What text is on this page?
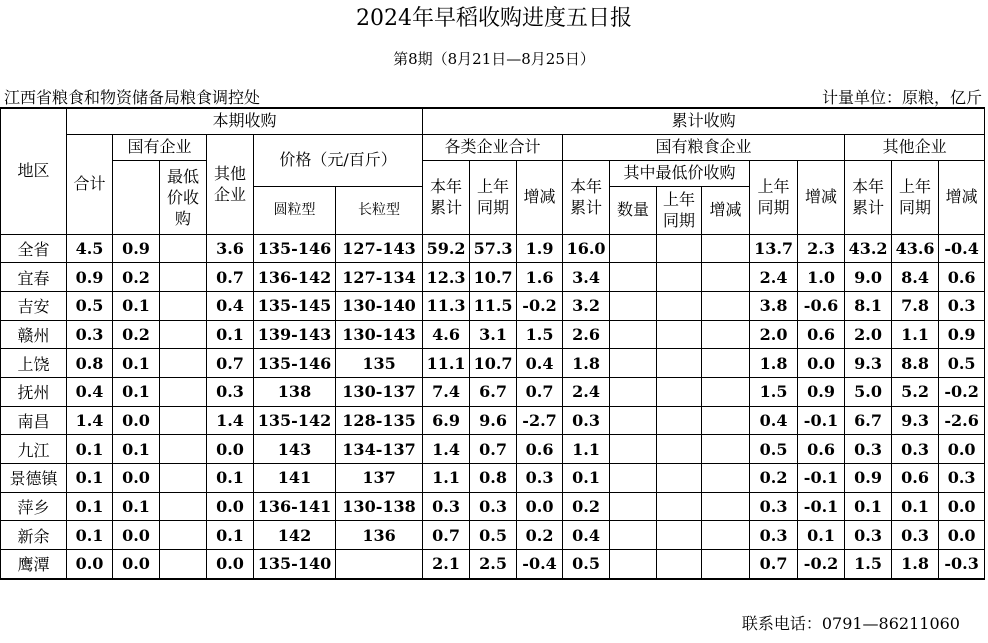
2024年早稻收购进度五日报
第8期（8月21日—8月25日）
江西省粮食和物资储备局粮食调控处	计量单位：原粮，亿斤
地区	本期收购						累计收购											
	合计	国有企业		其他企业	价格（元/百斤）		各类企业合计			国有粮食企业						其他企业		
			最低价收购				本年累计	上年同期	增减	本年累计	其中最低价收购			上年同期	增减	本年累计	上年同期	增减
					圆粒型	长粒型					数量	上年同期	增减					
全省	4.5	0.9		3.6	135-146	127-143	59.2	57.3	1.9	16.0				13.7	2.3	43.2	43.6	-0.4
宜春	0.9	0.2		0.7	136-142	127-134	12.3	10.7	1.6	3.4				2.4	1.0	9.0	8.4	0.6
吉安	0.5	0.1		0.4	135-145	130-140	11.3	11.5	-0.2	3.2				3.8	-0.6	8.1	7.8	0.3
赣州	0.3	0.2		0.1	139-143	130-143	4.6	3.1	1.5	2.6				2.0	0.6	2.0	1.1	0.9
上饶	0.8	0.1		0.7	135-146	135	11.1	10.7	0.4	1.8				1.8	0.0	9.3	8.8	0.5
抚州	0.4	0.1		0.3	138	130-137	7.4	6.7	0.7	2.4				1.5	0.9	5.0	5.2	-0.2
南昌	1.4	0.0		1.4	135-142	128-135	6.9	9.6	-2.7	0.3				0.4	-0.1	6.7	9.3	-2.6
九江	0.1	0.1		0.0	143	134-137	1.4	0.7	0.6	1.1				0.5	0.6	0.3	0.3	0.0
景德镇	0.1	0.0		0.1	141	137	1.1	0.8	0.3	0.1				0.2	-0.1	0.9	0.6	0.3
萍乡	0.1	0.1		0.0	136-141	130-138	0.3	0.3	0.0	0.2				0.3	-0.1	0.1	0.1	0.0
新余	0.1	0.0		0.1	142	136	0.7	0.5	0.2	0.4				0.3	0.1	0.3	0.3	0.0
鹰潭	0.0	0.0		0.0	135-140		2.1	2.5	-0.4	0.5				0.7	-0.2	1.5	1.8	-0.3
联系电话：0791—86211060
